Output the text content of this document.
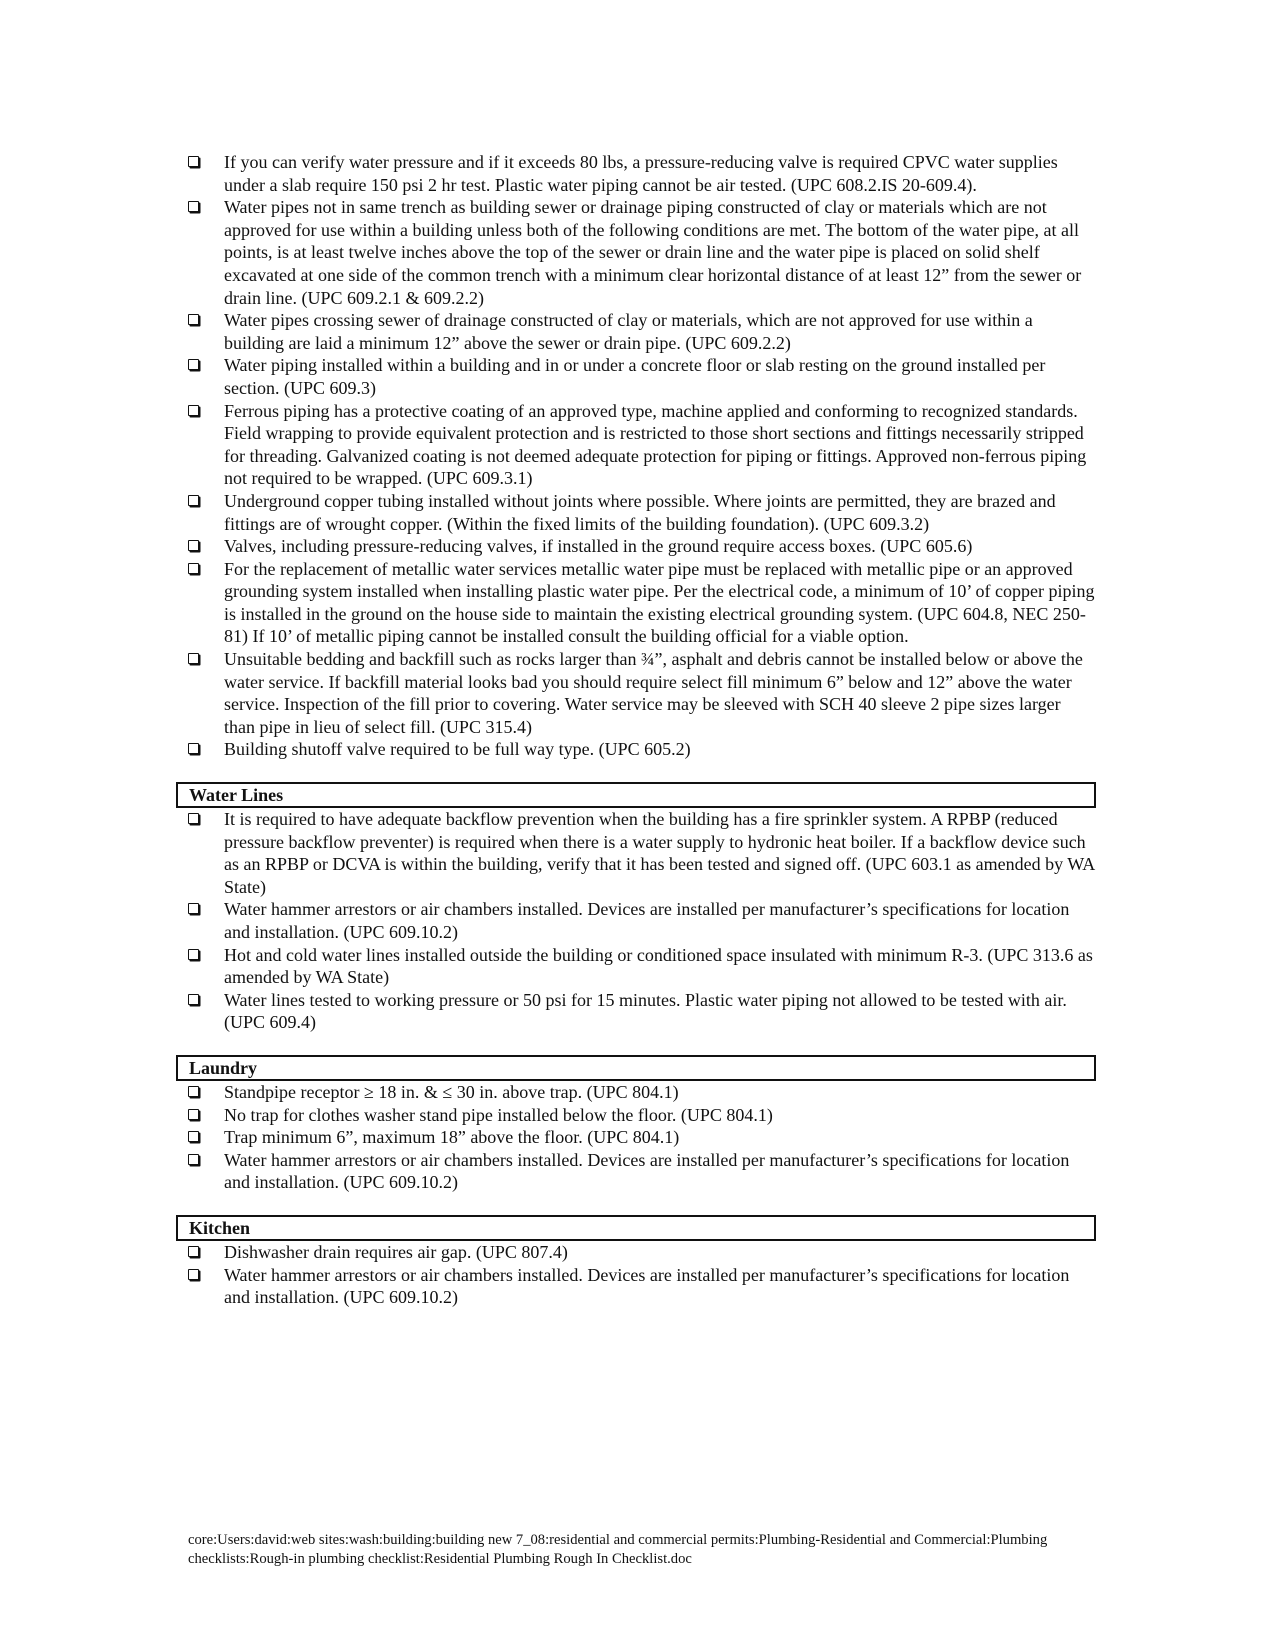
If you can verify water pressure and if it exceeds 80 lbs, a pressure-reducing valve is required CPVC water supplies under a slab require 150 psi 2 hr test. Plastic water piping cannot be air tested. (UPC 608.2.IS 20-609.4).
Water pipes not in same trench as building sewer or drainage piping constructed of clay or materials which are not approved for use within a building unless both of the following conditions are met. The bottom of the water pipe, at all points, is at least twelve inches above the top of the sewer or drain line and the water pipe is placed on solid shelf excavated at one side of the common trench with a minimum clear horizontal distance of at least 12” from the sewer or drain line. (UPC 609.2.1 & 609.2.2)
Water pipes crossing sewer of drainage constructed of clay or materials, which are not approved for use within a building are laid a minimum 12” above the sewer or drain pipe. (UPC 609.2.2)
Water piping installed within a building and in or under a concrete floor or slab resting on the ground installed per section. (UPC 609.3)
Ferrous piping has a protective coating of an approved type, machine applied and conforming to recognized standards. Field wrapping to provide equivalent protection and is restricted to those short sections and fittings necessarily stripped for threading. Galvanized coating is not deemed adequate protection for piping or fittings. Approved non-ferrous piping not required to be wrapped. (UPC 609.3.1)
Underground copper tubing installed without joints where possible. Where joints are permitted, they are brazed and fittings are of wrought copper. (Within the fixed limits of the building foundation). (UPC 609.3.2)
Valves, including pressure-reducing valves, if installed in the ground require access boxes. (UPC 605.6)
For the replacement of metallic water services metallic water pipe must be replaced with metallic pipe or an approved grounding system installed when installing plastic water pipe. Per the electrical code, a minimum of 10’ of copper piping is installed in the ground on the house side to maintain the existing electrical grounding system. (UPC 604.8, NEC 250-81) If 10’ of metallic piping cannot be installed consult the building official for a viable option.
Unsuitable bedding and backfill such as rocks larger than ¾”, asphalt and debris cannot be installed below or above the water service. If backfill material looks bad you should require select fill minimum 6” below and 12” above the water service. Inspection of the fill prior to covering. Water service may be sleeved with SCH 40 sleeve 2 pipe sizes larger than pipe in lieu of select fill. (UPC 315.4)
Building shutoff valve required to be full way type. (UPC 605.2)
Water Lines
It is required to have adequate backflow prevention when the building has a fire sprinkler system. A RPBP (reduced pressure backflow preventer) is required when there is a water supply to hydronic heat boiler. If a backflow device such as an RPBP or DCVA is within the building, verify that it has been tested and signed off. (UPC 603.1 as amended by WA State)
Water hammer arrestors or air chambers installed. Devices are installed per manufacturer’s specifications for location and installation. (UPC 609.10.2)
Hot and cold water lines installed outside the building or conditioned space insulated with minimum R-3. (UPC 313.6 as amended by WA State)
Water lines tested to working pressure or 50 psi for 15 minutes. Plastic water piping not allowed to be tested with air. (UPC 609.4)
Laundry
Standpipe receptor ≥ 18 in. & ≤ 30 in. above trap. (UPC 804.1)
No trap for clothes washer stand pipe installed below the floor. (UPC 804.1)
Trap minimum 6”, maximum 18” above the floor. (UPC 804.1)
Water hammer arrestors or air chambers installed. Devices are installed per manufacturer’s specifications for location and installation. (UPC 609.10.2)
Kitchen
Dishwasher drain requires air gap. (UPC 807.4)
Water hammer arrestors or air chambers installed. Devices are installed per manufacturer’s specifications for location and installation. (UPC 609.10.2)
core:Users:david:web sites:wash:building:building new 7_08:residential and commercial permits:Plumbing-Residential and Commercial:Plumbing checklists:Rough-in plumbing checklist:Residential Plumbing Rough In Checklist.doc
